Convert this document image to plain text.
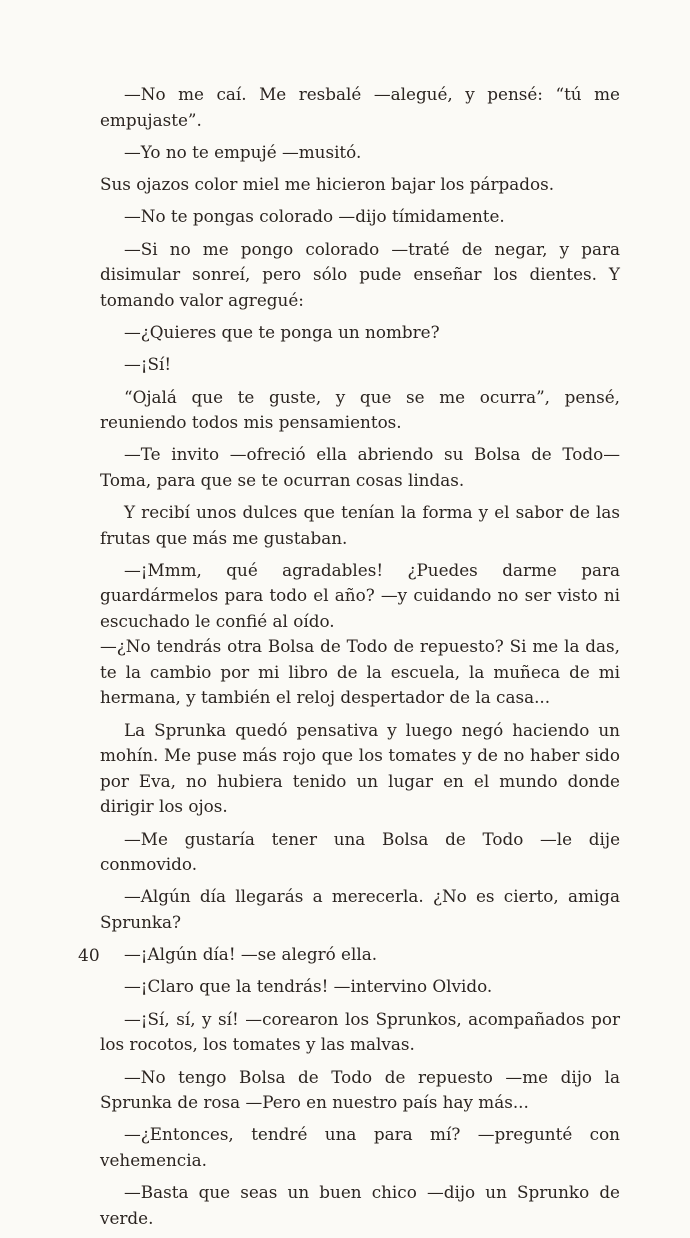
—No me caí. Me resbalé —alegué, y pensé: “tú me empujaste”.

—Yo no te empujé —musitó.

Sus ojazos color miel me hicieron bajar los párpados.

—No te pongas colorado —dijo tímidamente.

—Si no me pongo colorado —traté de negar, y para disimular sonreí, pero sólo pude enseñar los dientes. Y tomando valor agregué:

—¿Quieres que te ponga un nombre?

—¡Sí!

“Ojalá que te guste, y que se me ocurra”, pensé, reuniendo todos mis pensamientos.

—Te invito —ofreció ella abriendo su Bolsa de Todo— Toma, para que se te ocurran cosas lindas.

Y recibí unos dulces que tenían la forma y el sabor de las frutas que más me gustaban.

—¡Mmm, qué agradables! ¿Puedes darme para guardármelos para todo el año? —y cuidando no ser visto ni escuchado le confié al oído.

—¿No tendrás otra Bolsa de Todo de repuesto? Si me la das, te la cambio por mi libro de la escuela, la muñeca de mi hermana, y también el reloj despertador de la casa...

La Sprunka quedó pensativa y luego negó haciendo un mohín. Me puse más rojo que los tomates y de no haber sido por Eva, no hubiera tenido un lugar en el mundo donde dirigir los ojos.

—Me gustaría tener una Bolsa de Todo —le dije conmovido.

—Algún día llegarás a merecerla. ¿No es cierto, amiga Sprunka?

—¡Algún día! —se alegró ella.

—¡Claro que la tendrás! —intervino Olvido.

—¡Sí, sí, y sí! —corearon los Sprunkos, acompañados por los rocotos, los tomates y las malvas.

—No tengo Bolsa de Todo de repuesto —me dijo la Sprunka de rosa —Pero en nuestro país hay más...

—¿Entonces, tendré una para mí? —pregunté con vehemencia.

—Basta que seas un buen chico —dijo un Sprunko de verde.

40
